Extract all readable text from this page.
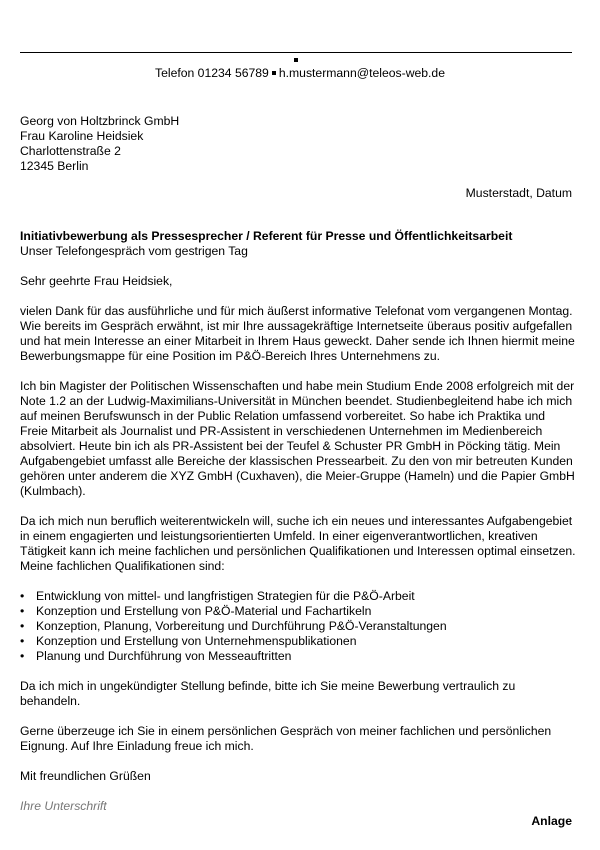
Telefon 01234 56789 h.mustermann@teleos-web.de
Georg von Holtzbrinck GmbH
Frau Karoline Heidsiek
Charlottenstraße 2
12345 Berlin
Musterstadt, Datum
Initiativbewerbung als Pressesprecher / Referent für Presse und Öffentlichkeitsarbeit
Unser Telefongespräch vom gestrigen Tag

Sehr geehrte Frau Heidsiek,

vielen Dank für das ausführliche und für mich äußerst informative Telefonat vom vergangenen Montag. Wie bereits im Gespräch erwähnt, ist mir Ihre aussagekräftige Internetseite überaus positiv aufgefallen und hat mein Interesse an einer Mitarbeit in Ihrem Haus geweckt. Daher sende ich Ihnen hiermit meine Bewerbungsmappe für eine Position im P&Ö-Bereich Ihres Unternehmens zu.

Ich bin Magister der Politischen Wissenschaften und habe mein Studium Ende 2008 erfolgreich mit der Note 1.2 an der Ludwig-Maximilians-Universität in München beendet. Studienbegleitend habe ich mich auf meinen Berufswunsch in der Public Relation umfassend vorbereitet. So habe ich Praktika und Freie Mitarbeit als Journalist und PR-Assistent in verschiedenen Unternehmen im Medienbereich absolviert. Heute bin ich als PR-Assistent bei der Teufel & Schuster PR GmbH in Pöcking tätig. Mein Aufgabengebiet umfasst alle Bereiche der klassischen Pressearbeit. Zu den von mir betreuten Kunden gehören unter anderem die XYZ GmbH (Cuxhaven), die Meier-Gruppe (Hameln) und die Papier GmbH (Kulmbach).

Da ich mich nun beruflich weiterentwickeln will, suche ich ein neues und interessantes Aufgabengebiet in einem engagierten und leistungsorientierten Umfeld. In einer eigenverantwortlichen, kreativen Tätigkeit kann ich meine fachlichen und persönlichen Qualifikationen und Interessen optimal einsetzen. Meine fachlichen Qualifikationen sind:

• Entwicklung von mittel- und langfristigen Strategien für die P&Ö-Arbeit
• Konzeption und Erstellung von P&Ö-Material und Fachartikeln
• Konzeption, Planung, Vorbereitung und Durchführung P&Ö-Veranstaltungen
• Konzeption und Erstellung von Unternehmenspublikationen
• Planung und Durchführung von Messeauftritten

Da ich mich in ungekündigter Stellung befinde, bitte ich Sie meine Bewerbung vertraulich zu behandeln.

Gerne überzeuge ich Sie in einem persönlichen Gespräch von meiner fachlichen und persönlichen Eignung. Auf Ihre Einladung freue ich mich.

Mit freundlichen Grüßen

Ihre Unterschrift
Anlage
